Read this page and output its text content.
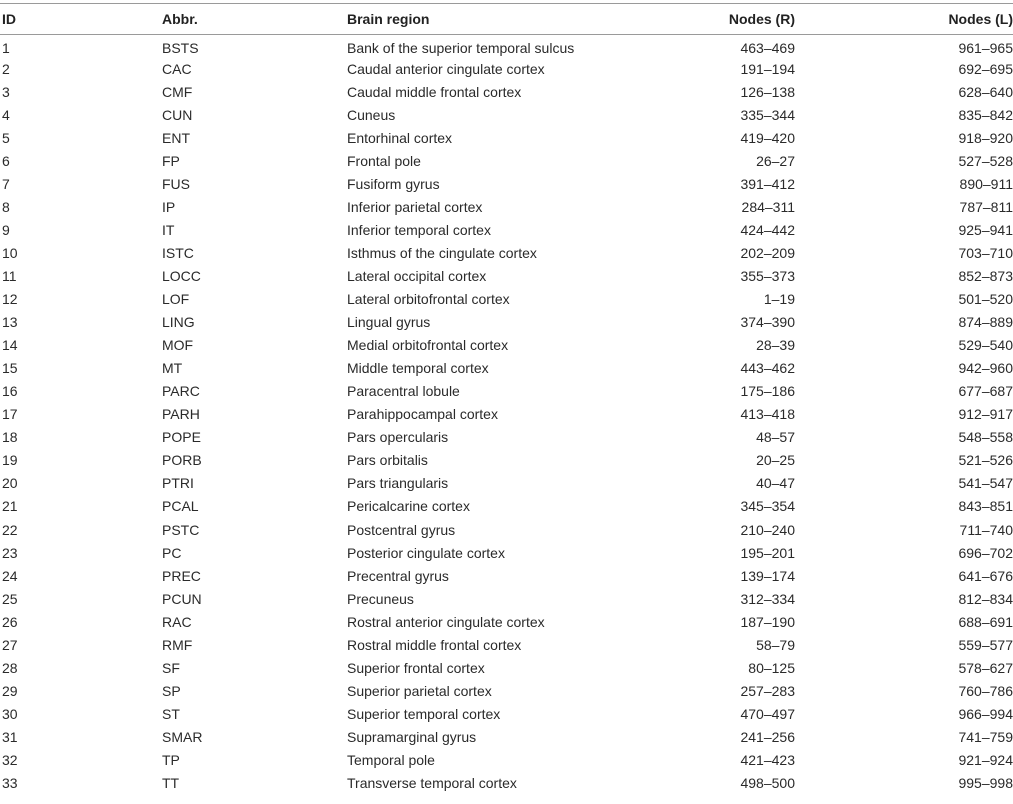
ID	Abbr.	Brain region	Nodes (R)	Nodes (L)
1	BSTS	Bank of the superior temporal sulcus	463–469	961–965
2	CAC	Caudal anterior cingulate cortex	191–194	692–695
3	CMF	Caudal middle frontal cortex	126–138	628–640
4	CUN	Cuneus	335–344	835–842
5	ENT	Entorhinal cortex	419–420	918–920
6	FP	Frontal pole	26–27	527–528
7	FUS	Fusiform gyrus	391–412	890–911
8	IP	Inferior parietal cortex	284–311	787–811
9	IT	Inferior temporal cortex	424–442	925–941
10	ISTC	Isthmus of the cingulate cortex	202–209	703–710
11	LOCC	Lateral occipital cortex	355–373	852–873
12	LOF	Lateral orbitofrontal cortex	1–19	501–520
13	LING	Lingual gyrus	374–390	874–889
14	MOF	Medial orbitofrontal cortex	28–39	529–540
15	MT	Middle temporal cortex	443–462	942–960
16	PARC	Paracentral lobule	175–186	677–687
17	PARH	Parahippocampal cortex	413–418	912–917
18	POPE	Pars opercularis	48–57	548–558
19	PORB	Pars orbitalis	20–25	521–526
20	PTRI	Pars triangularis	40–47	541–547
21	PCAL	Pericalcarine cortex	345–354	843–851
22	PSTC	Postcentral gyrus	210–240	711–740
23	PC	Posterior cingulate cortex	195–201	696–702
24	PREC	Precentral gyrus	139–174	641–676
25	PCUN	Precuneus	312–334	812–834
26	RAC	Rostral anterior cingulate cortex	187–190	688–691
27	RMF	Rostral middle frontal cortex	58–79	559–577
28	SF	Superior frontal cortex	80–125	578–627
29	SP	Superior parietal cortex	257–283	760–786
30	ST	Superior temporal cortex	470–497	966–994
31	SMAR	Supramarginal gyrus	241–256	741–759
32	TP	Temporal pole	421–423	921–924
33	TT	Transverse temporal cortex	498–500	995–998
